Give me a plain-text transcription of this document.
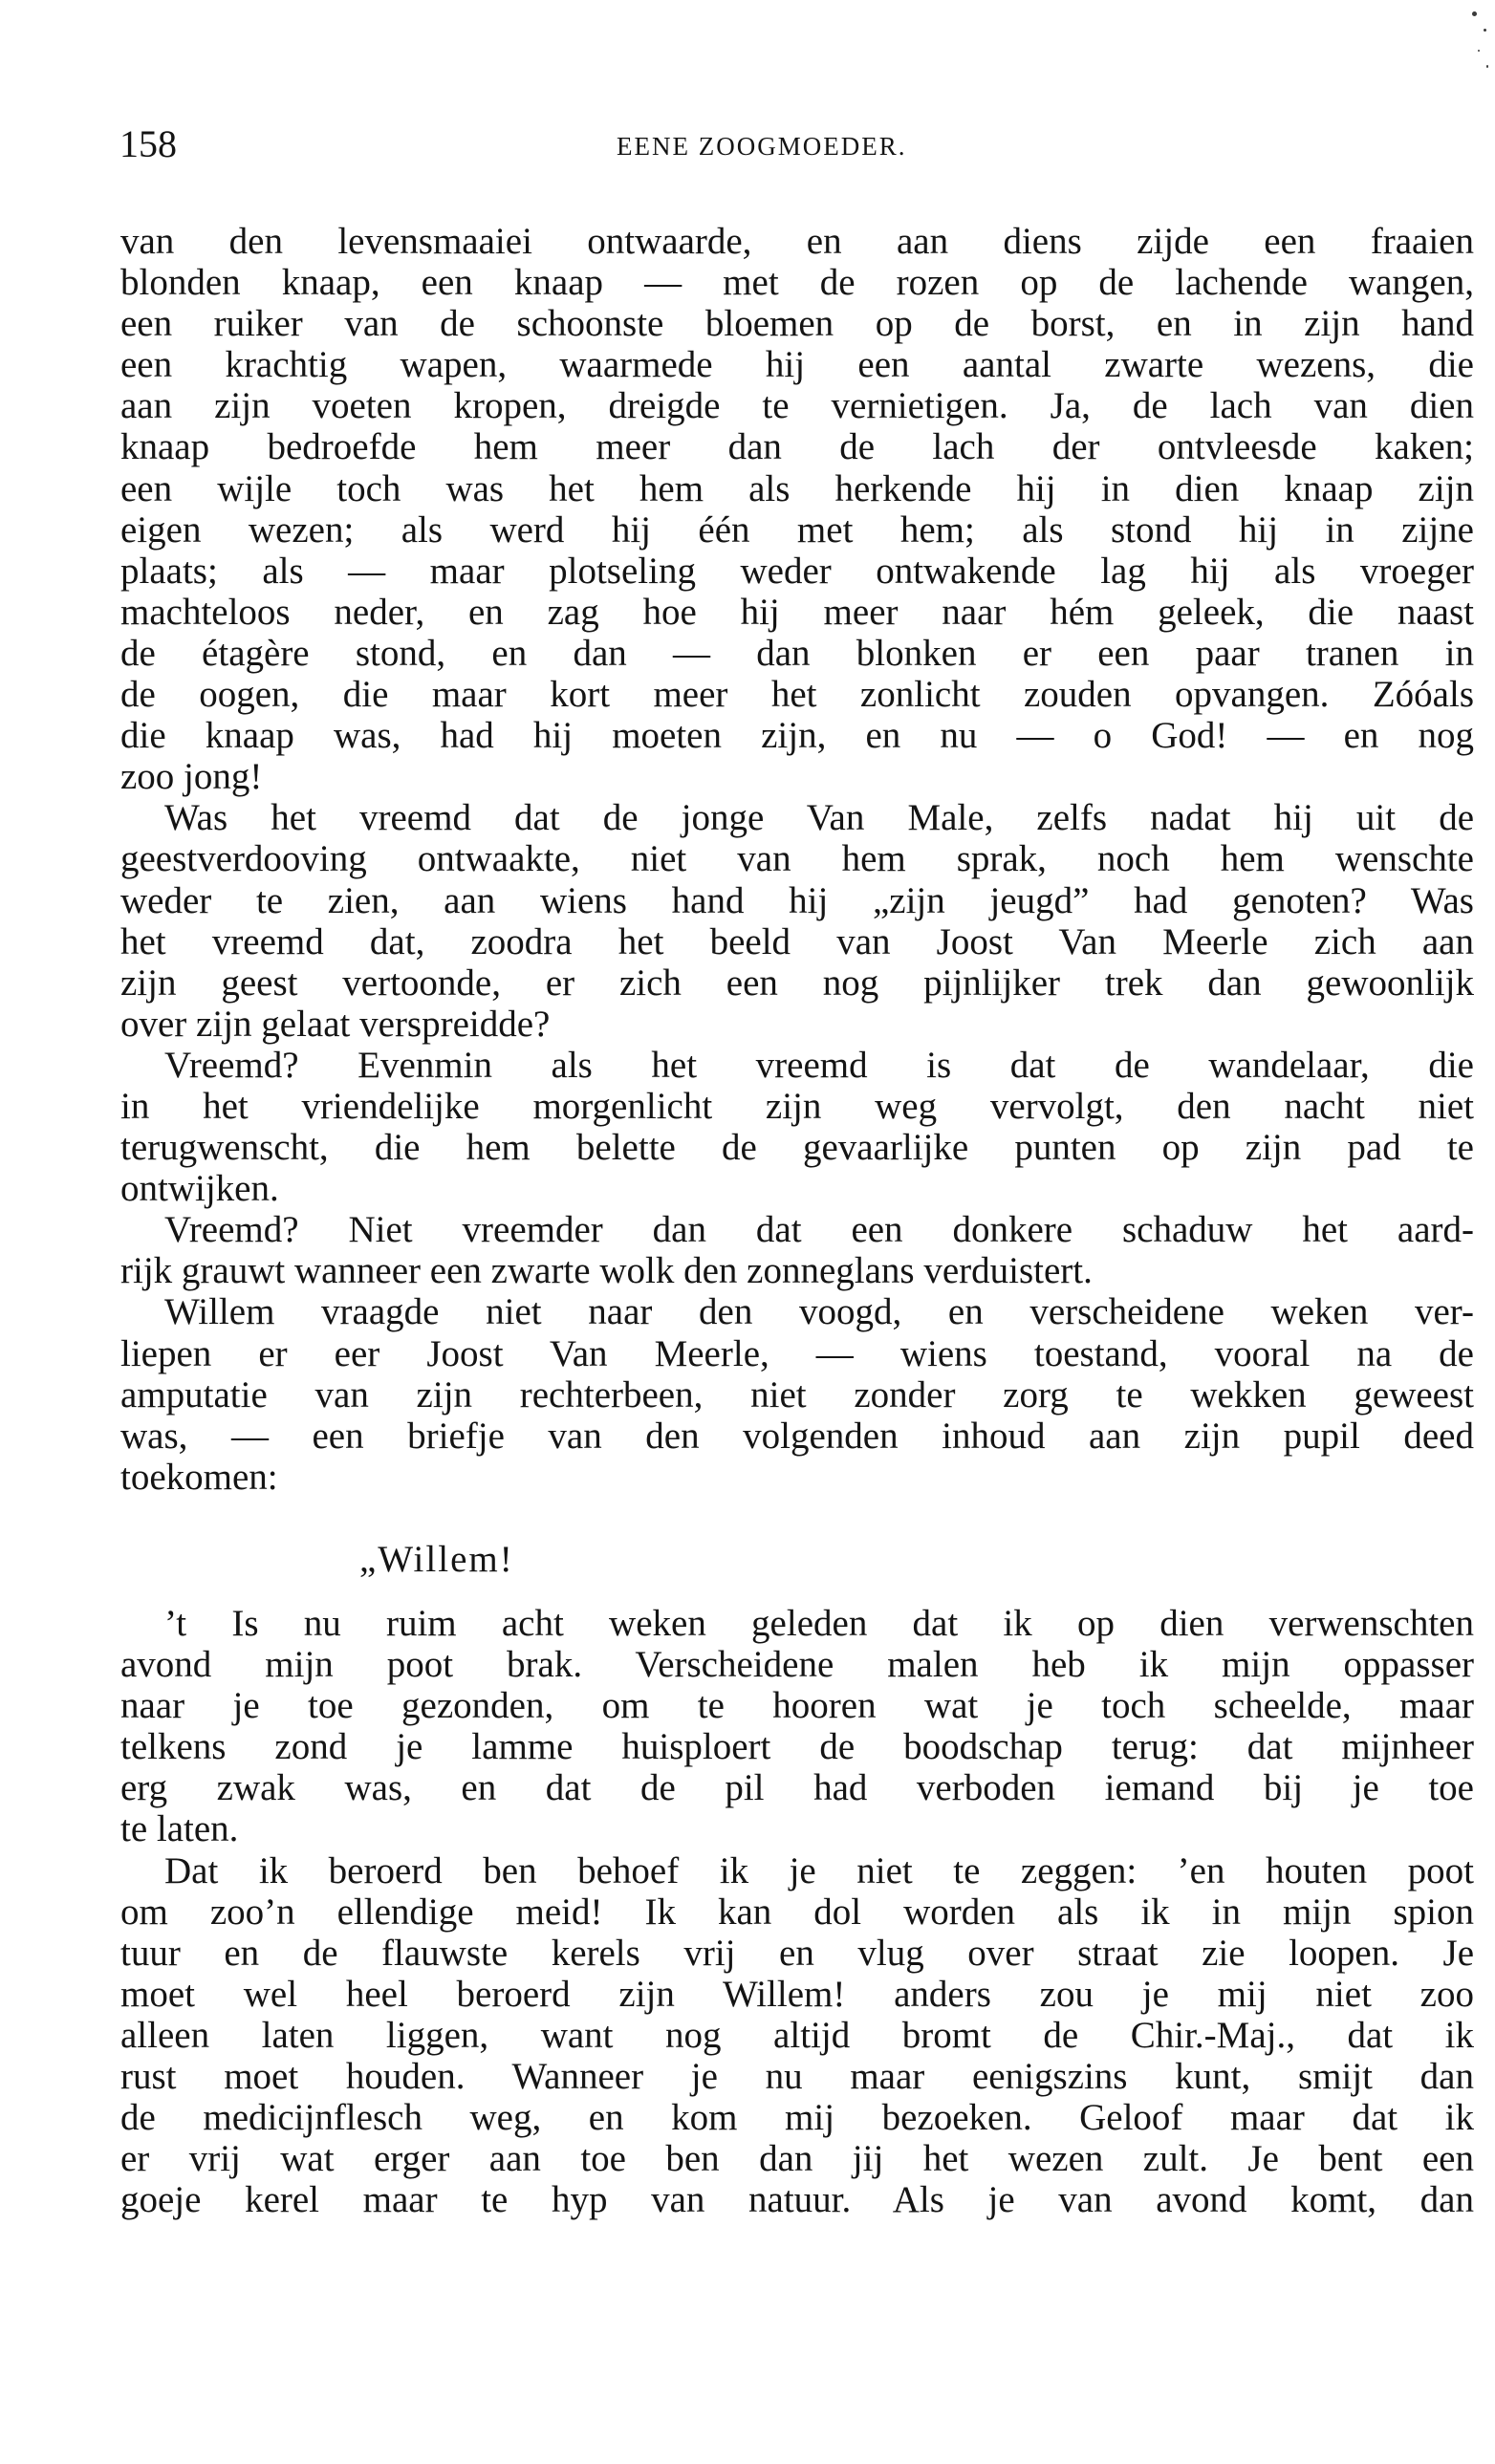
158	EENE ZOOGMOEDER.
van den levensmaaiei ontwaarde, en aan diens zijde een fraaien
blonden knaap, een knaap — met de rozen op de lachende wangen,
een ruiker van de schoonste bloemen op de borst, en in zijn hand
een krachtig wapen, waarmede hij een aantal zwarte wezens, die
aan zijn voeten kropen, dreigde te vernietigen. Ja, de lach van dien
knaap bedroefde hem meer dan de lach der ontvleesde kaken;
een wijle toch was het hem als herkende hij in dien knaap zijn
eigen wezen; als werd hij één met hem; als stond hij in zijne
plaats; als — maar plotseling weder ontwakende lag hij als vroeger
machteloos neder, en zag hoe hij meer naar hém geleek, die naast
de étagère stond, en dan — dan blonken er een paar tranen in
de oogen, die maar kort meer het zonlicht zouden opvangen. Zóóals
die knaap was, had hij moeten zijn, en nu — o God! — en nog
zoo jong!
Was het vreemd dat de jonge Van Male, zelfs nadat hij uit de
geestverdooving ontwaakte, niet van hem sprak, noch hem wenschte
weder te zien, aan wiens hand hij „zijn jeugd” had genoten? Was
het vreemd dat, zoodra het beeld van Joost Van Meerle zich aan
zijn geest vertoonde, er zich een nog pijnlijker trek dan gewoonlijk
over zijn gelaat verspreidde?
Vreemd? Evenmin als het vreemd is dat de wandelaar, die
in het vriendelijke morgenlicht zijn weg vervolgt, den nacht niet
terugwenscht, die hem belette de gevaarlijke punten op zijn pad te
ontwijken.
Vreemd? Niet vreemder dan dat een donkere schaduw het aard-
rijk grauwt wanneer een zwarte wolk den zonneglans verduistert.
Willem vraagde niet naar den voogd, en verscheidene weken ver-
liepen er eer Joost Van Meerle, — wiens toestand, vooral na de
amputatie van zijn rechterbeen, niet zonder zorg te wekken geweest
was, — een briefje van den volgenden inhoud aan zijn pupil deed
toekomen:
„Willem!
’t Is nu ruim acht weken geleden dat ik op dien verwenschten
avond mijn poot brak. Verscheidene malen heb ik mijn oppasser
naar je toe gezonden, om te hooren wat je toch scheelde, maar
telkens zond je lamme huisploert de boodschap terug: dat mijnheer
erg zwak was, en dat de pil had verboden iemand bij je toe
te laten.
Dat ik beroerd ben behoef ik je niet te zeggen: ’en houten poot
om zoo’n ellendige meid! Ik kan dol worden als ik in mijn spion
tuur en de flauwste kerels vrij en vlug over straat zie loopen. Je
moet wel heel beroerd zijn Willem! anders zou je mij niet zoo
alleen laten liggen, want nog altijd bromt de Chir.-Maj., dat ik
rust moet houden. Wanneer je nu maar eenigszins kunt, smijt dan
de medicijnflesch weg, en kom mij bezoeken. Geloof maar dat ik
er vrij wat erger aan toe ben dan jij het wezen zult. Je bent een
goeje kerel maar te hyp van natuur. Als je van avond komt, dan
